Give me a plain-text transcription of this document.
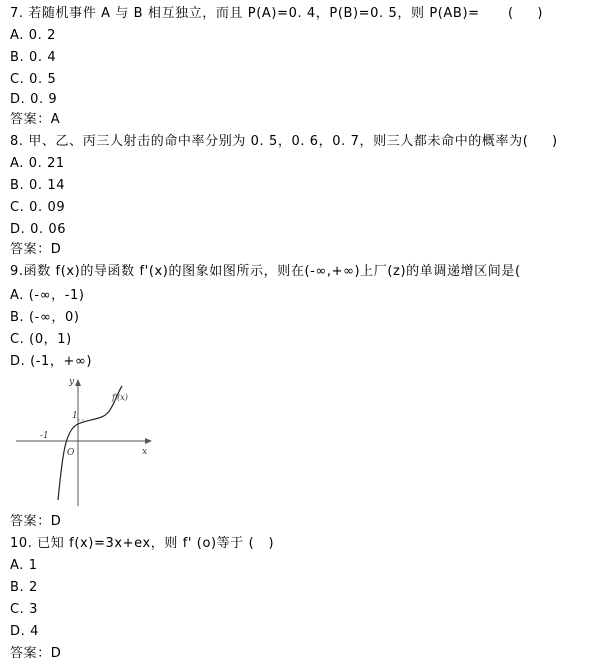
7. 若随机事件 A 与 B 相互独立，而且 P(A)=0. 4，P(B)=0. 5，则 P(AB)=      (     )
A. 0. 2
B. 0. 4
C. 0. 5
D. 0. 9
答案：A
8. 甲、乙、丙三人射击的命中率分别为 0. 5，0. 6，0. 7，则三人都未命中的概率为(     )
A. 0. 21
B. 0. 14
C. 0. 09
D. 0. 06
答案：D
9.函数 f(x)的导函数 f'(x)的图象如图所示，则在(-∞,+∞)上厂(z)的单调递增区间是(
A. (-∞，-1)
B. (-∞，0)
C. (0，1)
D. (-1，+∞)
y
x
O
1
-1
f'(x)
答案：D
10. 已知 f(x)=3x+ex，则 f' (o)等于 (   )
A. 1
B. 2
C. 3
D. 4
答案：D
